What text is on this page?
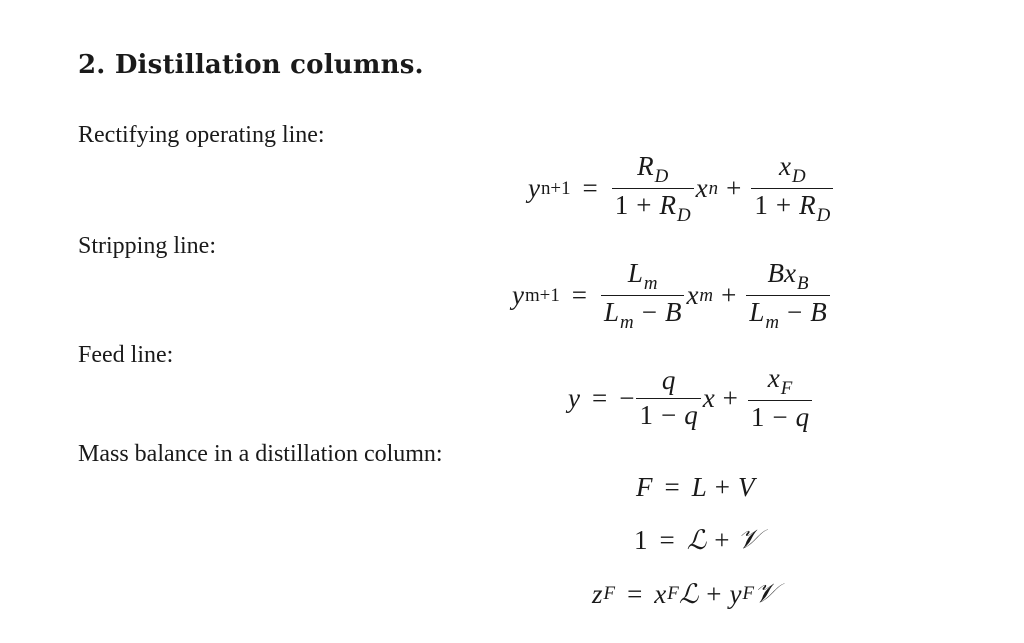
2. Distillation columns.
Rectifying operating line:
y $n+1 = \frac{R_D}{1 + R_D}$ x $n + \frac{x_D}{1 + R_D}$
Stripping line:
y $m+1 = \frac{L_m}{L_m - B}$ x $m + \frac{Bx_B}{L_m - B}$
Feed line:
y = − $\frac{q}{1 - q}$ $x + \frac{x_F}{1 - q}$
Mass balance in a distillation column:
F = L + V
1 = ℒ + 𝒱
z F = x F ℒ + y F 𝒱
